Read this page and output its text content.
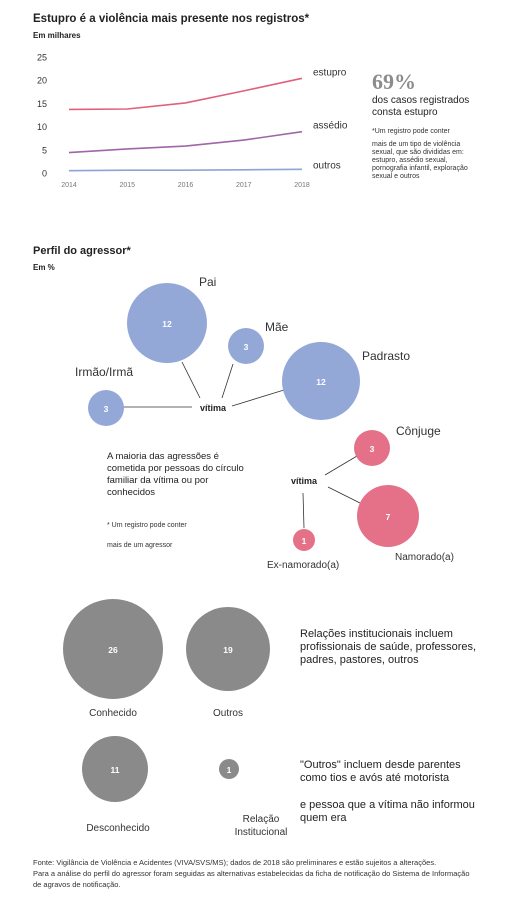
Estupro é a violência mais presente nos registros*
Em milhares
0
5
10
15
20
25
2014	2015	2016	2017	2018
estupro
assédio
outros
69%
dos casos registrados
consta estupro
*Um registro pode conter
mais de um tipo de violência
sexual, que são divididas em:
estupro, assédio sexual,
pornografia infantil, exploração
sexual e outros
Perfil do agressor*
Em %
12
3
12
3
3
7
1
26	19
11	1
Pai
Mãe
Padrasto
Irmão/Irmã
Cônjuge
Namorado(a)
Ex-namorado(a)
Conhecido	Outros
Desconhecido
vítima
vítima
Relação Institucional
A maioria das agressões é
cometida por pessoas do círculo
familiar da vítima ou por
conhecidos
* Um registro pode conter
mais de um agressor
Relações institucionais incluem
profissionais de saúde, professores,
padres, pastores, outros
"Outros" incluem desde parentes
como tios e avós até motorista
e pessoa que a vítima não informou
quem era
Fonte: Vigilância de Violência e Acidentes (VIVA/SVS/MS); dados de 2018 são preliminares e estão sujeitos a alterações.
Para a análise do perfil do agressor foram seguidas as alternativas estabelecidas da ficha de notificação do Sistema de Informação
de agravos de notificação.
